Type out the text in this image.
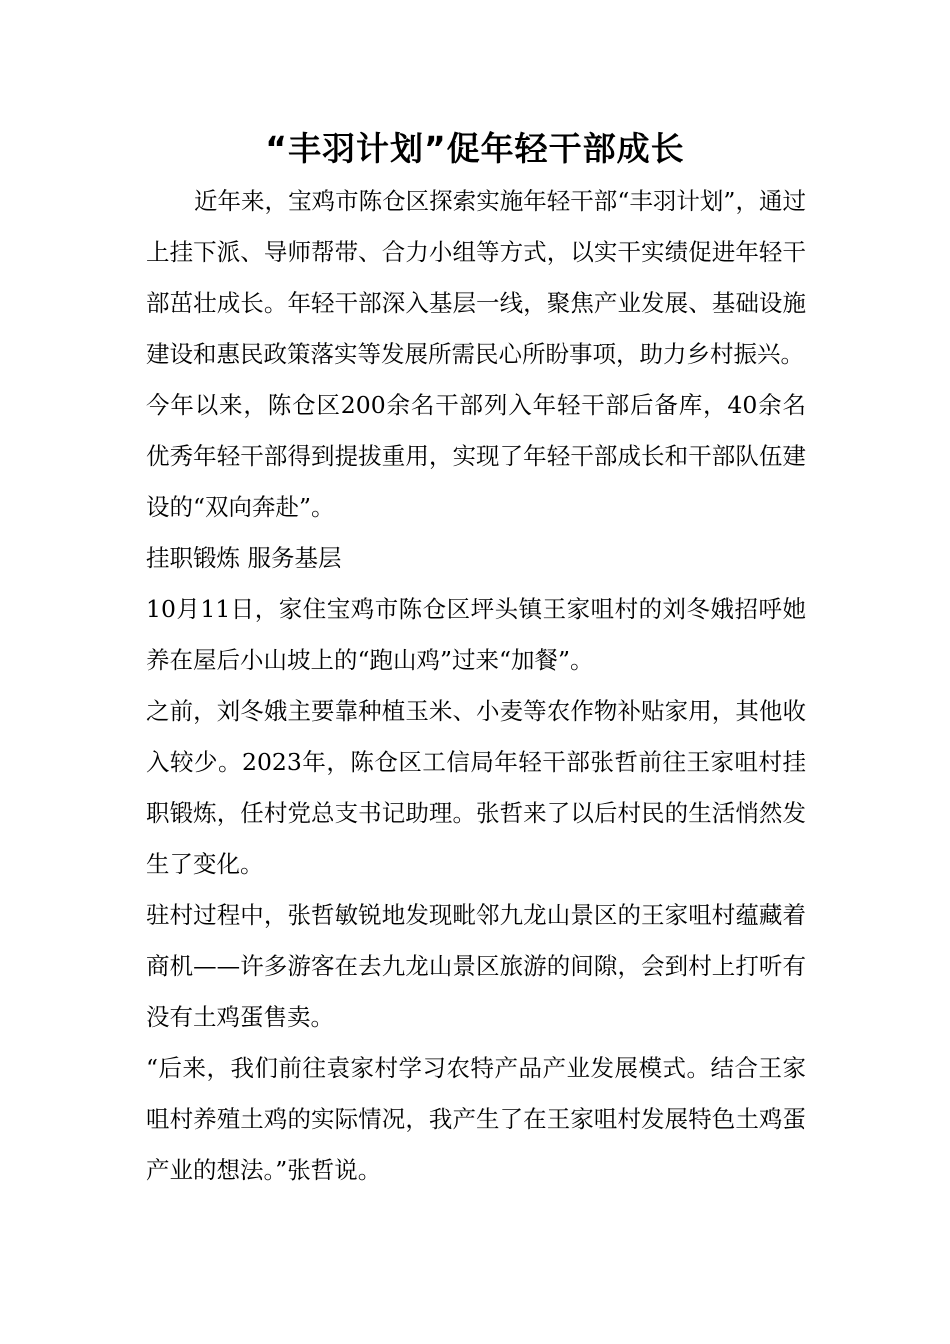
“丰羽计划”促年轻干部成长

近年来，宝鸡市陈仓区探索实施年轻干部“丰羽计划”，通过上挂下派、导师帮带、合力小组等方式，以实干实绩促进年轻干部茁壮成长。年轻干部深入基层一线，聚焦产业发展、基础设施建设和惠民政策落实等发展所需民心所盼事项，助力乡村振兴。

今年以来，陈仓区200余名干部列入年轻干部后备库，40余名优秀年轻干部得到提拔重用，实现了年轻干部成长和干部队伍建设的“双向奔赴”。

挂职锻炼 服务基层

10月11日，家住宝鸡市陈仓区坪头镇王家咀村的刘冬娥招呼她养在屋后小山坡上的“跑山鸡”过来“加餐”。

之前，刘冬娥主要靠种植玉米、小麦等农作物补贴家用，其他收入较少。2023年，陈仓区工信局年轻干部张哲前往王家咀村挂职锻炼，任村党总支书记助理。张哲来了以后村民的生活悄然发生了变化。

驻村过程中，张哲敏锐地发现毗邻九龙山景区的王家咀村蕴藏着商机——许多游客在去九龙山景区旅游的间隙，会到村上打听有没有土鸡蛋售卖。

“后来，我们前往袁家村学习农特产品产业发展模式。结合王家咀村养殖土鸡的实际情况，我产生了在王家咀村发展特色土鸡蛋产业的想法。”张哲说。
